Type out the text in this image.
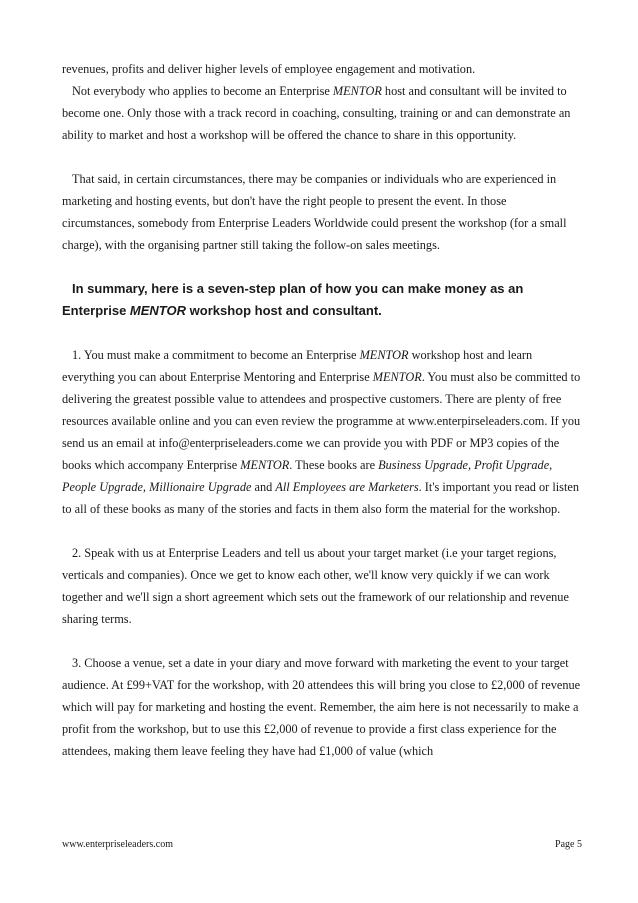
revenues, profits and deliver higher levels of employee engagement and motivation.

Not everybody who applies to become an Enterprise MENTOR host and consultant will be invited to become one. Only those with a track record in coaching, consulting, training or and can demonstrate an ability to market and host a workshop will be offered the chance to share in this opportunity.

That said, in certain circumstances, there may be companies or individuals who are experienced in marketing and hosting events, but don't have the right people to present the event. In those circumstances, somebody from Enterprise Leaders Worldwide could present the workshop (for a small charge), with the organising partner still taking the follow-on sales meetings.

In summary, here is a seven-step plan of how you can make money as an Enterprise MENTOR workshop host and consultant.

1. You must make a commitment to become an Enterprise MENTOR workshop host and learn everything you can about Enterprise Mentoring and Enterprise MENTOR. You must also be committed to delivering the greatest possible value to attendees and prospective customers. There are plenty of free resources available online and you can even review the programme at www.enterpirseleaders.com. If you send us an email at info@enterpriseleaders.come we can provide you with PDF or MP3 copies of the books which accompany Enterprise MENTOR. These books are Business Upgrade, Profit Upgrade, People Upgrade, Millionaire Upgrade and All Employees are Marketers. It's important you read or listen to all of these books as many of the stories and facts in them also form the material for the workshop.

2. Speak with us at Enterprise Leaders and tell us about your target market (i.e your target regions, verticals and companies). Once we get to know each other, we'll know very quickly if we can work together and we'll sign a short agreement which sets out the framework of our relationship and revenue sharing terms.

3. Choose a venue, set a date in your diary and move forward with marketing the event to your target audience. At £99+VAT for the workshop, with 20 attendees this will bring you close to £2,000 of revenue which will pay for marketing and hosting the event. Remember, the aim here is not necessarily to make a profit from the workshop, but to use this £2,000 of revenue to provide a first class experience for the attendees, making them leave feeling they have had £1,000 of value (which

www.enterpriseleaders.com	Page 5
